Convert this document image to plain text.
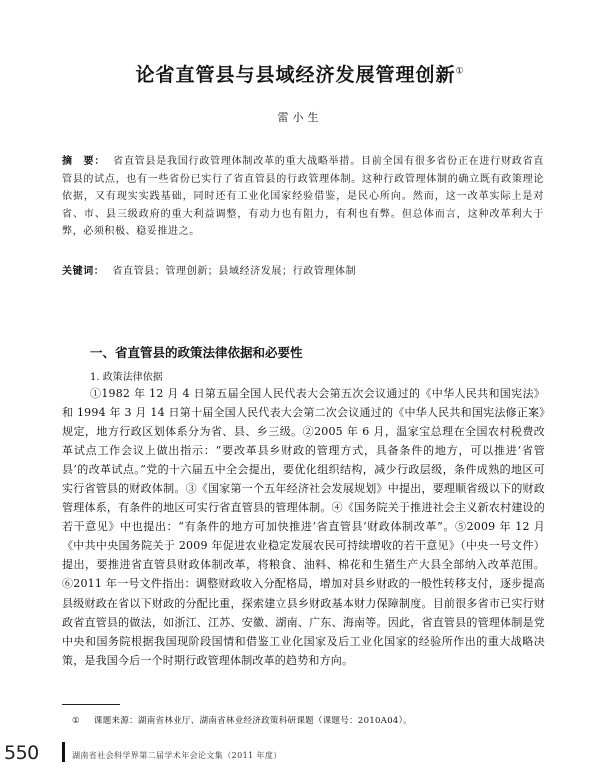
论省直管县与县域经济发展管理创新①
雷小生
摘　要： 省直管县是我国行政管理体制改革的重大战略举措。目前全国有很多省份正在进行财政省直管县的试点，也有一些省份已实行了省直管县的行政管理体制。这种行政管理体制的确立既有政策理论依据，又有现实实践基础，同时还有工业化国家经验借鉴，是民心所向。然而，这一改革实际上是对省、市、县三级政府的重大利益调整，有动力也有阻力，有利也有弊。但总体而言，这种改革利大于弊，必须积极、稳妥推进之。
关键词： 省直管县；管理创新；县域经济发展；行政管理体制
一、省直管县的政策法律依据和必要性
1. 政策法律依据
①1982 年 12 月 4 日第五届全国人民代表大会第五次会议通过的《中华人民共和国宪法》和 1994 年 3 月 14 日第十届全国人民代表大会第二次会议通过的《中华人民共和国宪法修正案》规定，地方行政区划体系分为省、县、乡三级。②2005 年 6 月，温家宝总理在全国农村税费改革试点工作会议上做出指示：“要改革县乡财政的管理方式，具备条件的地方，可以推进‘省管县’的改革试点。”党的十六届五中全会提出，要优化组织结构，减少行政层级，条件成熟的地区可实行省管县的财政体制。③《国家第一个五年经济社会发展规划》中提出，要理顺省级以下的财政管理体系，有条件的地区可实行省直管县的管理体制。④《国务院关于推进社会主义新农村建设的若干意见》中也提出：“有条件的地方可加快推进‘省直管县’财政体制改革”。⑤2009 年 12 月《中共中央国务院关于 2009 年促进农业稳定发展农民可持续增收的若干意见》（中央一号文件）提出，要推进省直管县财政体制改革，将粮食、油料、棉花和生猪生产大县全部纳入改革范围。⑥2011 年一号文件指出：调整财政收入分配格局，增加对县乡财政的一般性转移支付，逐步提高县级财政在省以下财政的分配比重，探索建立县乡财政基本财力保障制度。目前很多省市已实行财政省直管县的做法，如浙江、江苏、安徽、湖南、广东、海南等。因此，省直管县的管理体制是党中央和国务院根据我国现阶段国情和借鉴工业化国家及后工业化国家的经验所作出的重大战略决策，是我国今后一个时期行政管理体制改革的趋势和方向。
① 课题来源：湖南省林业厅、湖南省林业经济政策科研课题（课题号：2010A04）。
550	湖南省社会科学界第二届学术年会论文集（2011 年度）
